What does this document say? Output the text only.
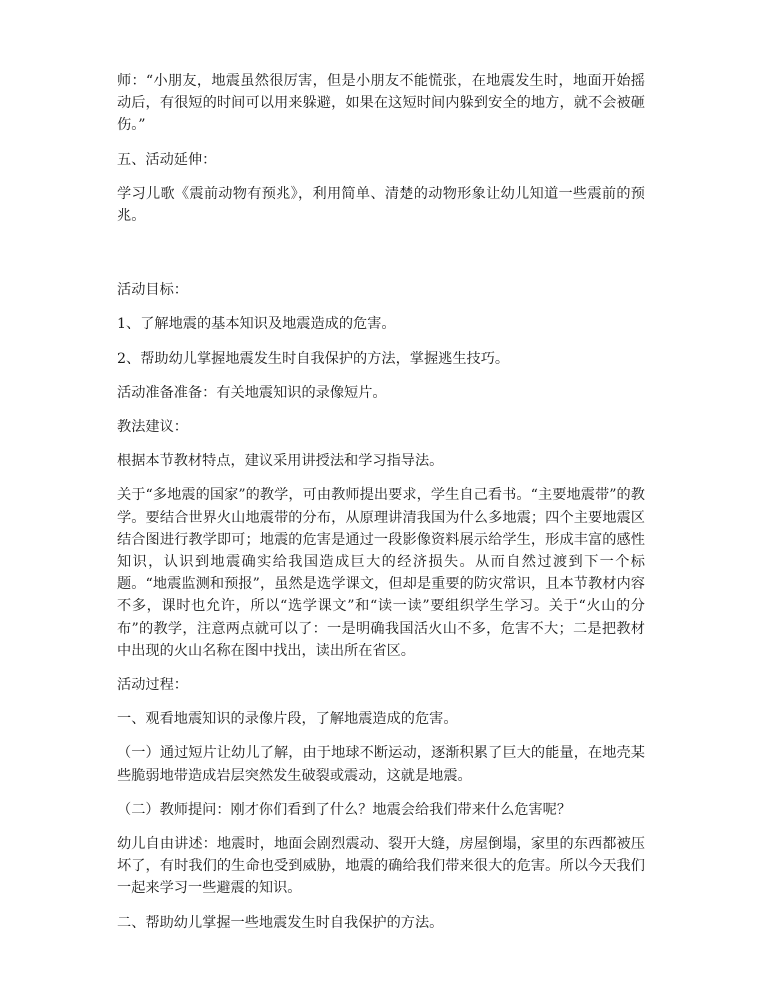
师：“小朋友，地震虽然很厉害，但是小朋友不能慌张，在地震发生时，地面开始摇动后，有很短的时间可以用来躲避，如果在这短时间内躲到安全的地方，就不会被砸伤。”

五、活动延伸：

学习儿歌《震前动物有预兆》，利用简单、清楚的动物形象让幼儿知道一些震前的预兆。

活动目标：

1、了解地震的基本知识及地震造成的危害。

2、帮助幼儿掌握地震发生时自我保护的方法，掌握逃生技巧。

活动准备准备：有关地震知识的录像短片。

教法建议：

根据本节教材特点，建议采用讲授法和学习指导法。

关于“多地震的国家”的教学，可由教师提出要求，学生自己看书。“主要地震带”的教学。要结合世界火山地震带的分布，从原理讲清我国为什么多地震；四个主要地震区结合图进行教学即可；地震的危害是通过一段影像资料展示给学生，形成丰富的感性知识，认识到地震确实给我国造成巨大的经济损失。从而自然过渡到下一个标题。“地震监测和预报”，虽然是选学课文，但却是重要的防灾常识，且本节教材内容不多，课时也允许，所以“选学课文”和“读一读”要组织学生学习。关于“火山的分布”的教学，注意两点就可以了：一是明确我国活火山不多，危害不大；二是把教材中出现的火山名称在图中找出，读出所在省区。

活动过程：

一、观看地震知识的录像片段，了解地震造成的危害。

（一）通过短片让幼儿了解，由于地球不断运动，逐渐积累了巨大的能量，在地壳某些脆弱地带造成岩层突然发生破裂或震动，这就是地震。

（二）教师提问：刚才你们看到了什么？地震会给我们带来什么危害呢？

幼儿自由讲述：地震时，地面会剧烈震动、裂开大缝，房屋倒塌，家里的东西都被压坏了，有时我们的生命也受到威胁，地震的确给我们带来很大的危害。所以今天我们一起来学习一些避震的知识。

二、帮助幼儿掌握一些地震发生时自我保护的方法。
